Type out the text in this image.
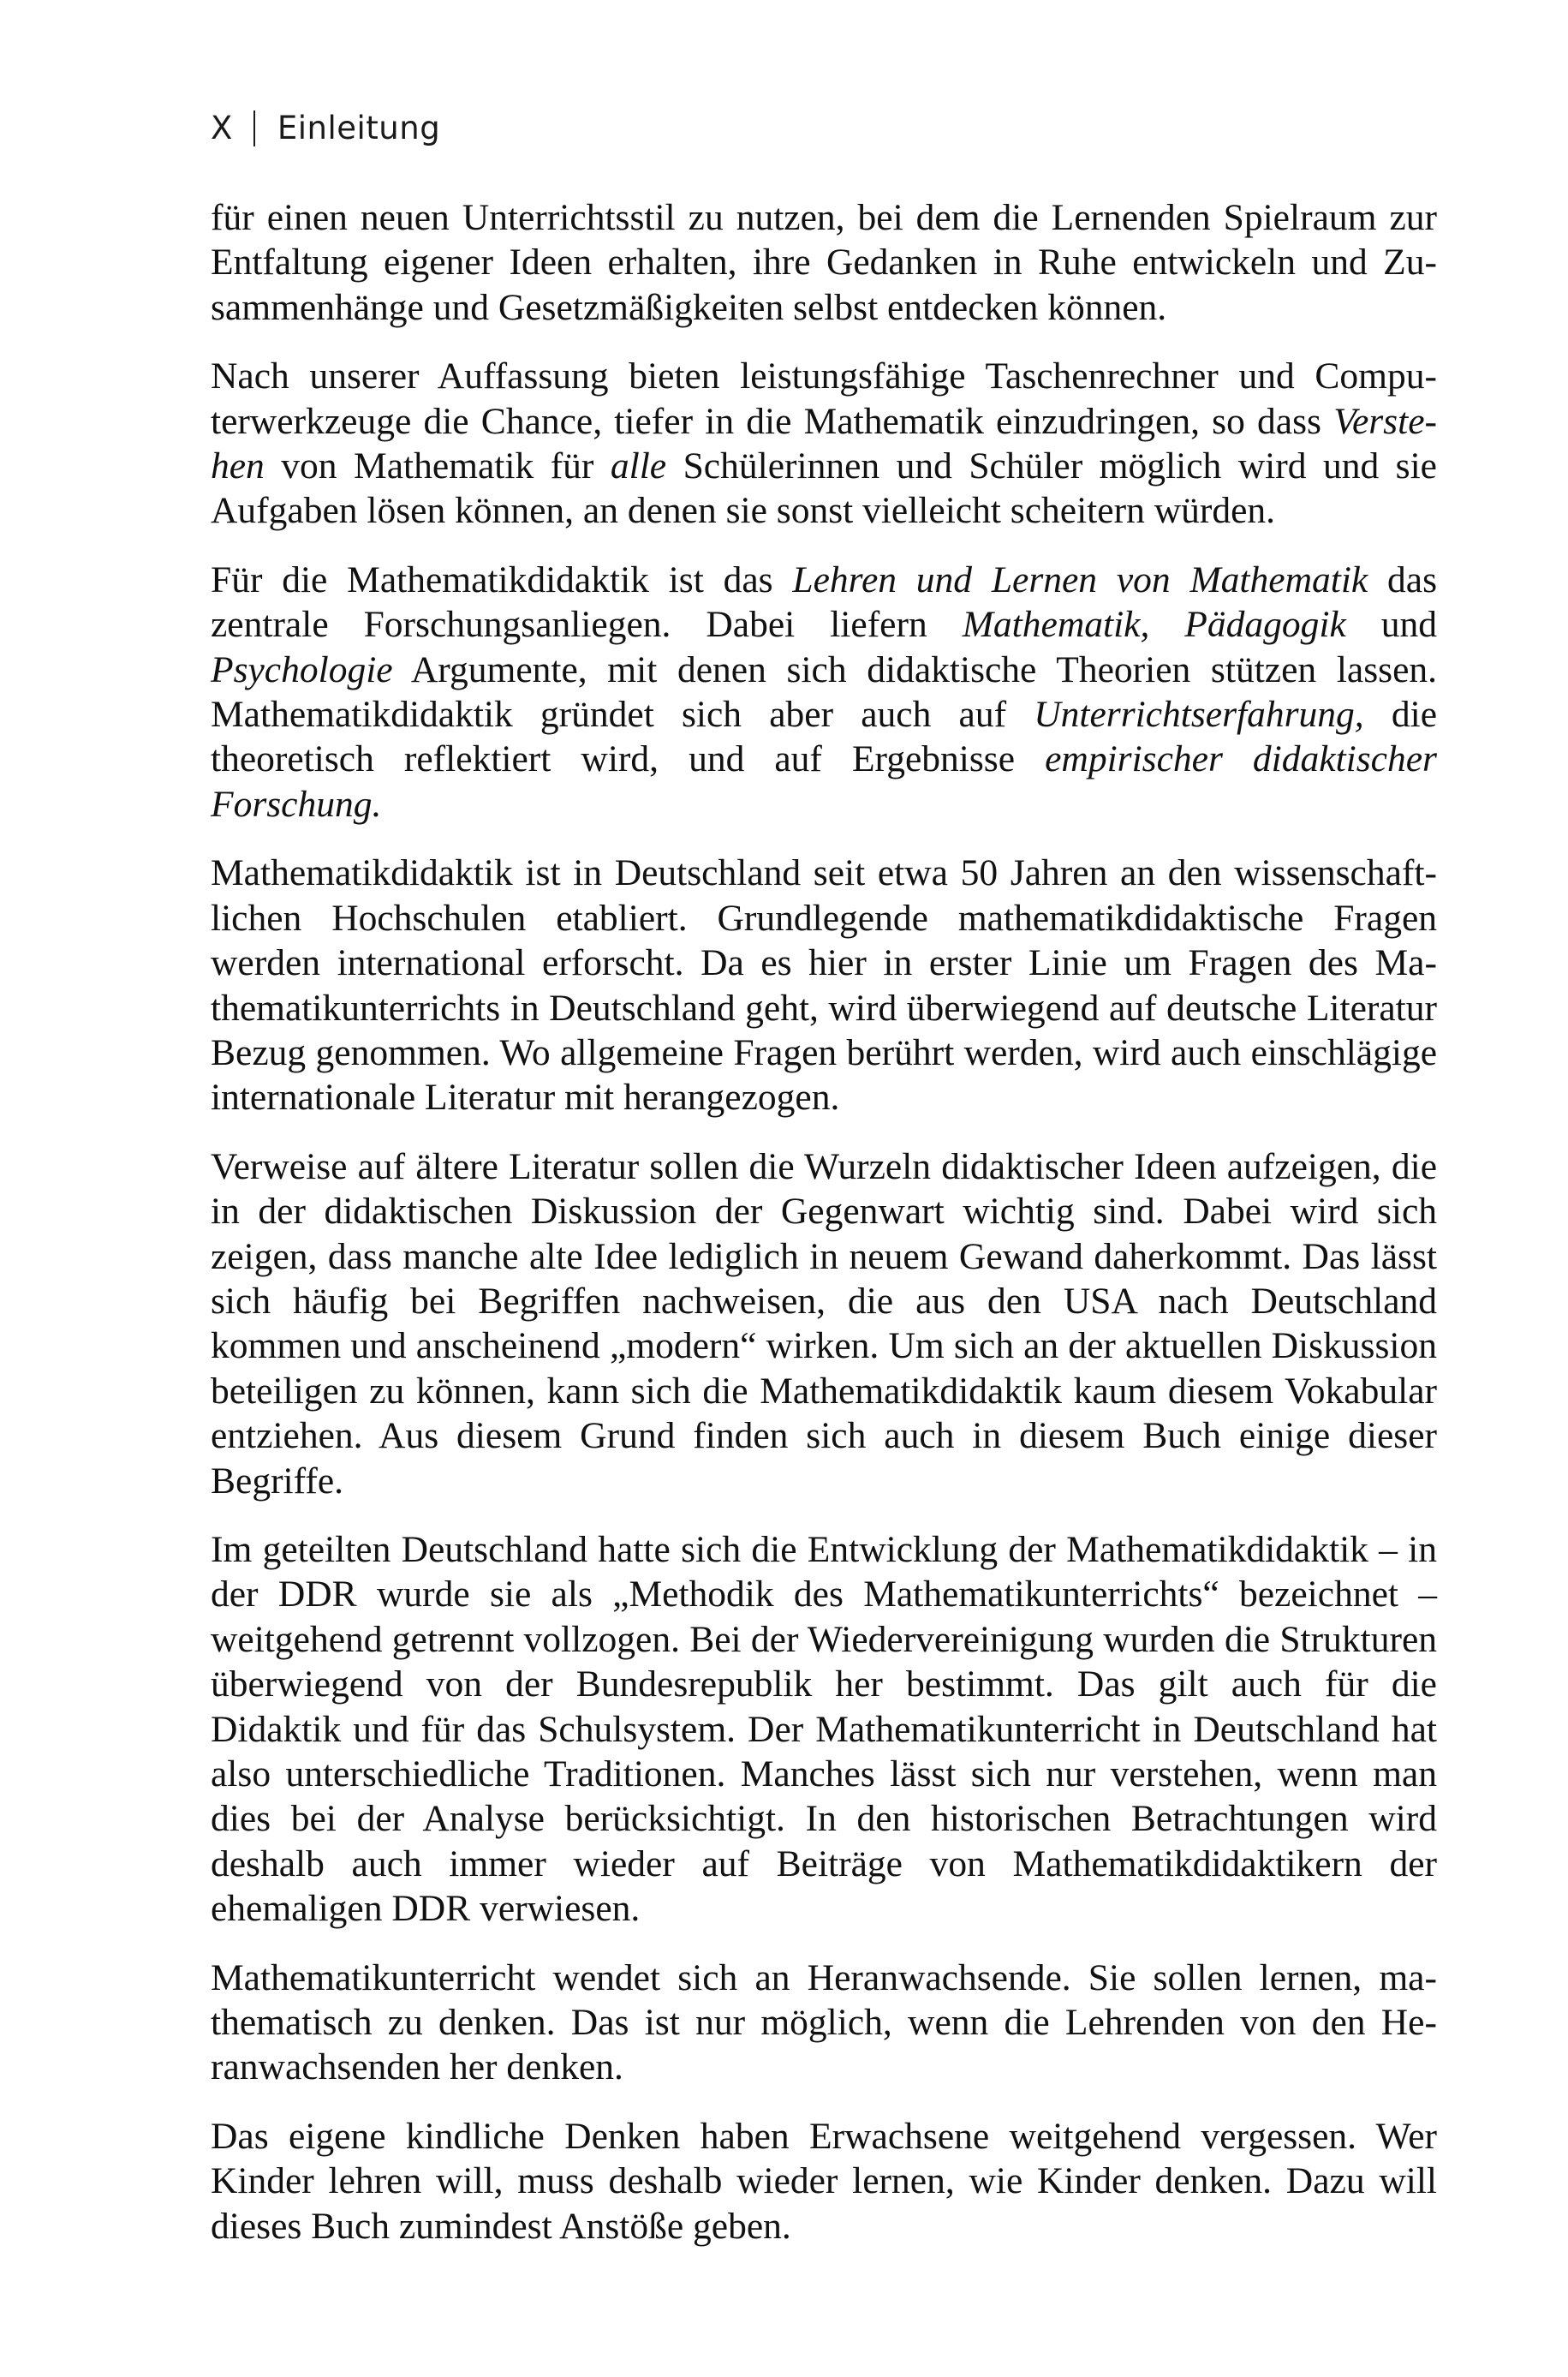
X Einleitung

für einen neuen Unterrichtsstil zu nutzen, bei dem die Lernenden Spielraum zur Entfaltung eigener Ideen erhalten, ihre Gedanken in Ruhe entwickeln und Zusammenhänge und Gesetzmäßigkeiten selbst entdecken können.

Nach unserer Auffassung bieten leistungsfähige Taschenrechner und Computerwerkzeuge die Chance, tiefer in die Mathematik einzudringen, so dass Verstehen von Mathematik für alle Schülerinnen und Schüler möglich wird und sie Aufgaben lösen können, an denen sie sonst vielleicht scheitern würden.

Für die Mathematikdidaktik ist das Lehren und Lernen von Mathematik das zentrale Forschungsanliegen. Dabei liefern Mathematik, Pädagogik und Psychologie Argumente, mit denen sich didaktische Theorien stützen lassen. Mathematikdidaktik gründet sich aber auch auf Unterrichtserfahrung, die theoretisch reflektiert wird, und auf Ergebnisse empirischer didaktischer Forschung.

Mathematikdidaktik ist in Deutschland seit etwa 50 Jahren an den wissenschaftlichen Hochschulen etabliert. Grundlegende mathematikdidaktische Fragen werden international erforscht. Da es hier in erster Linie um Fragen des Mathematikunterrichts in Deutschland geht, wird überwiegend auf deutsche Literatur Bezug genommen. Wo allgemeine Fragen berührt werden, wird auch einschlägige internationale Literatur mit herangezogen.

Verweise auf ältere Literatur sollen die Wurzeln didaktischer Ideen aufzeigen, die in der didaktischen Diskussion der Gegenwart wichtig sind. Dabei wird sich zeigen, dass manche alte Idee lediglich in neuem Gewand daherkommt. Das lässt sich häufig bei Begriffen nachweisen, die aus den USA nach Deutschland kommen und anscheinend „modern“ wirken. Um sich an der aktuellen Diskussion beteiligen zu können, kann sich die Mathematikdidaktik kaum diesem Vokabular entziehen. Aus diesem Grund finden sich auch in diesem Buch einige dieser Begriffe.

Im geteilten Deutschland hatte sich die Entwicklung der Mathematikdidaktik – in der DDR wurde sie als „Methodik des Mathematikunterrichts“ bezeichnet – weitgehend getrennt vollzogen. Bei der Wiedervereinigung wurden die Strukturen überwiegend von der Bundesrepublik her bestimmt. Das gilt auch für die Didaktik und für das Schulsystem. Der Mathematikunterricht in Deutschland hat also unterschiedliche Traditionen. Manches lässt sich nur verstehen, wenn man dies bei der Analyse berücksichtigt. In den historischen Betrachtungen wird deshalb auch immer wieder auf Beiträge von Mathematikdidaktikern der ehemaligen DDR verwiesen.

Mathematikunterricht wendet sich an Heranwachsende. Sie sollen lernen, mathematisch zu denken. Das ist nur möglich, wenn die Lehrenden von den Heranwachsenden her denken.

Das eigene kindliche Denken haben Erwachsene weitgehend vergessen. Wer Kinder lehren will, muss deshalb wieder lernen, wie Kinder denken. Dazu will dieses Buch zumindest Anstöße geben.
